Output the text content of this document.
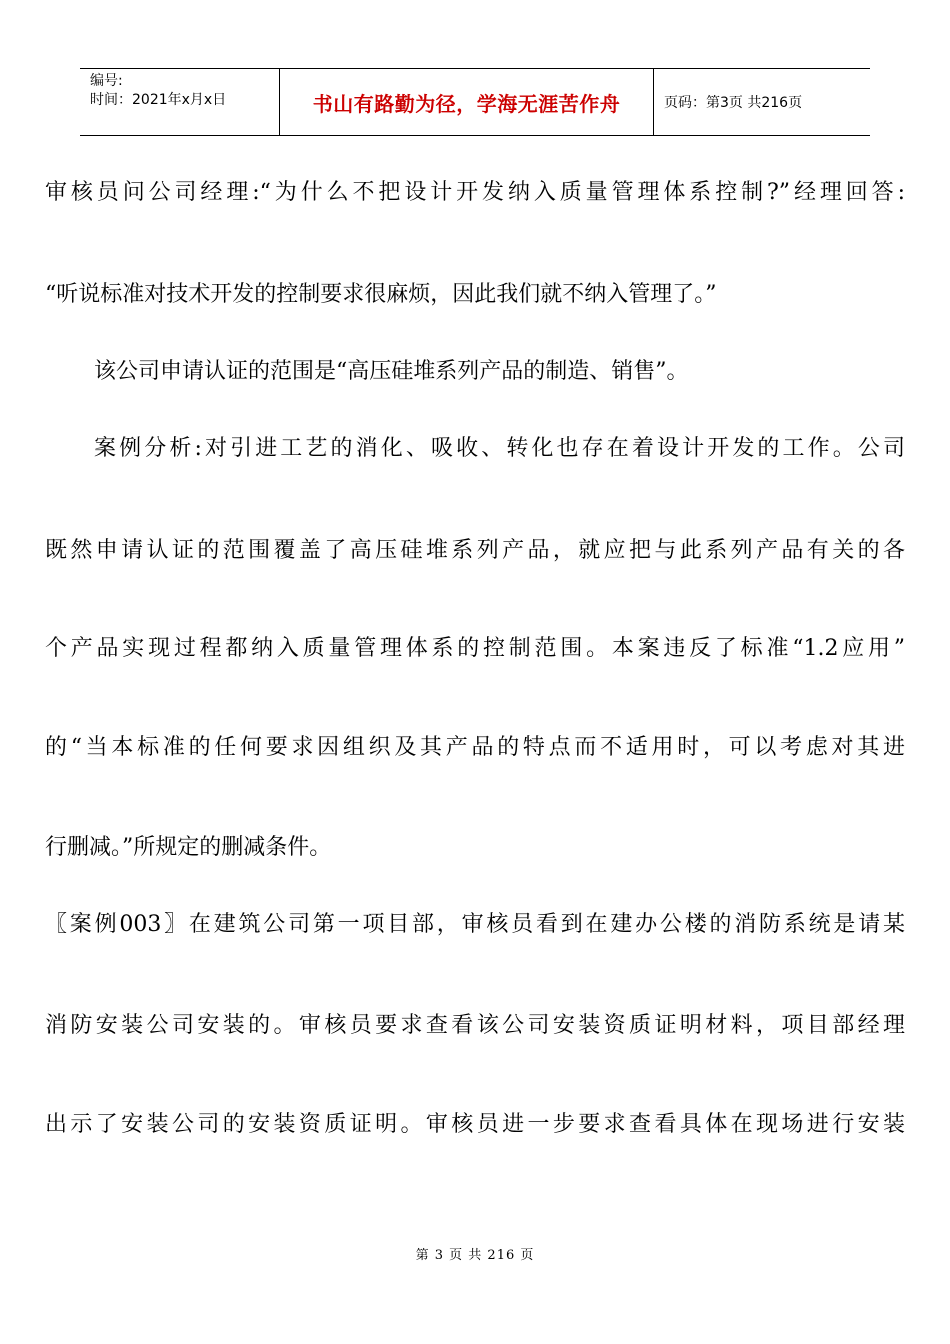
编号:
时间：2021年x月x日	书山有路勤为径，学海无涯苦作舟	页码：第3页 共216页
审核员问公司经理:“为什么不把设计开发纳入质量管理体系控制?”经理回答:
“听说标准对技术开发的控制要求很麻烦，因此我们就不纳入管理了。”
该公司申请认证的范围是“高压硅堆系列产品的制造、销售”。
案例分析:对引进工艺的消化、吸收、转化也存在着设计开发的工作。公司
既然申请认证的范围覆盖了高压硅堆系列产品，就应把与此系列产品有关的各
个产品实现过程都纳入质量管理体系的控制范围。本案违反了标准“1.2应用”
的“当本标准的任何要求因组织及其产品的特点而不适用时，可以考虑对其进
行删减。”所规定的删减条件。
〖案例003〗在建筑公司第一项目部，审核员看到在建办公楼的消防系统是请某
消防安装公司安装的。审核员要求查看该公司安装资质证明材料，项目部经理
出示了安装公司的安装资质证明。审核员进一步要求查看具体在现场进行安装
第 3 页 共 216 页
